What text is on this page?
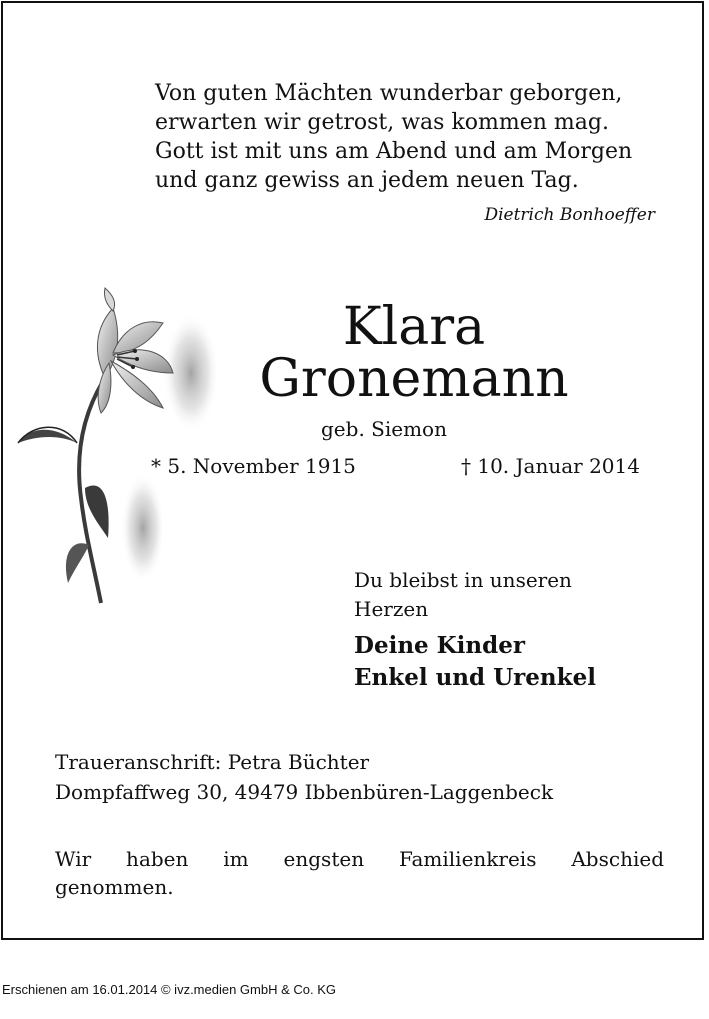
Von guten Mächten wunderbar geborgen,
erwarten wir getrost, was kommen mag.
Gott ist mit uns am Abend und am Morgen
und ganz gewiss an jedem neuen Tag.
Dietrich Bonhoeffer
Klara
Gronemann
geb. Siemon
* 5. November 1915	† 10. Januar 2014
Du bleibst in unseren
Herzen
Deine Kinder
Enkel und Urenkel
Traueranschrift: Petra Büchter
Dompfaffweg 30, 49479 Ibbenbüren-Laggenbeck
Wir haben im engsten Familienkreis Abschied
genommen.
Erschienen am 16.01.2014 © ivz.medien GmbH & Co. KG
